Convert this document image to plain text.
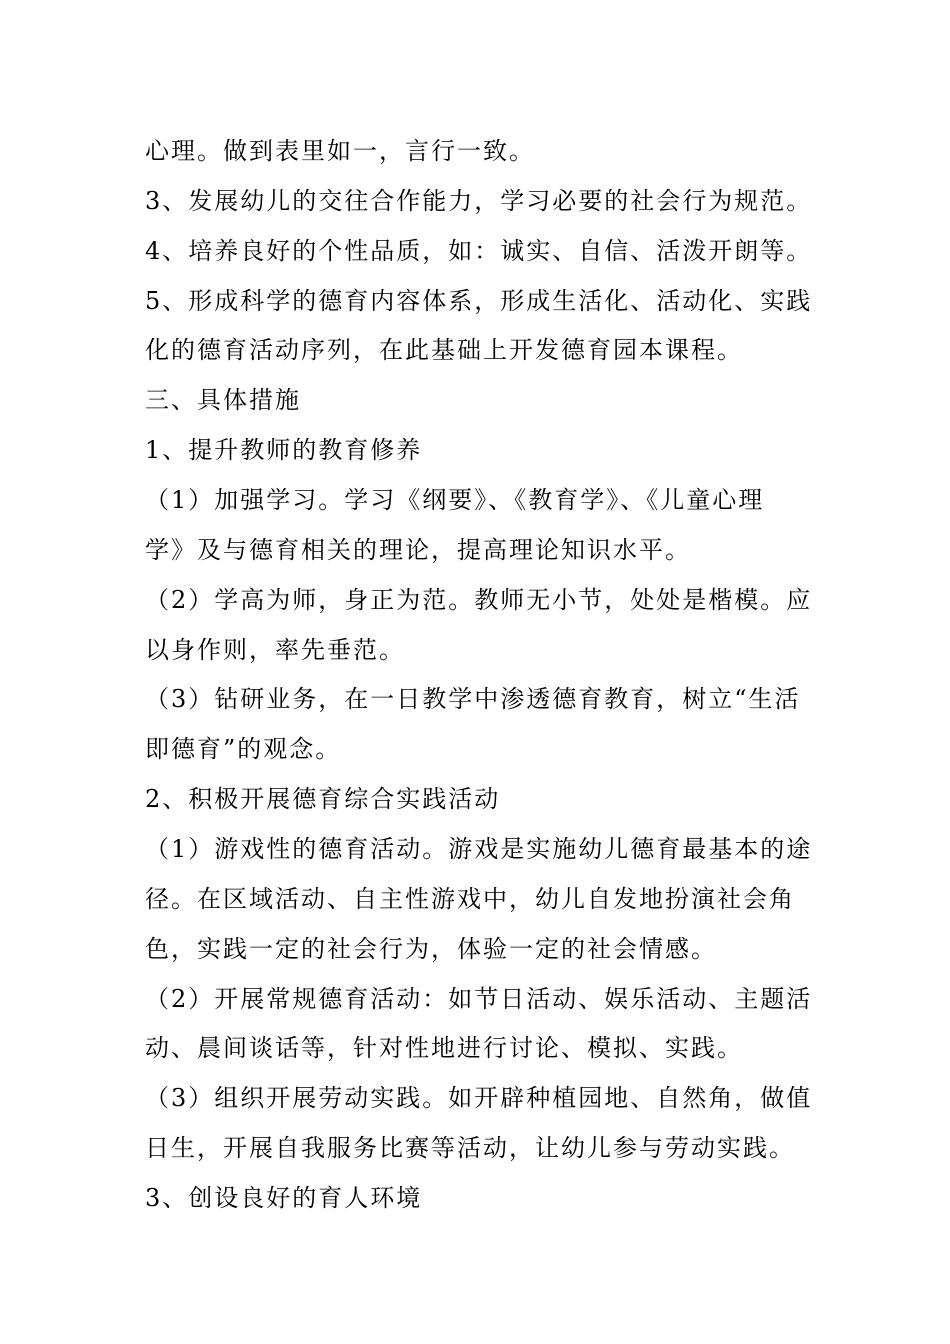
心理。做到表里如一，言行一致。
3、发展幼儿的交往合作能力，学习必要的社会行为规范。
4、培养良好的个性品质，如：诚实、自信、活泼开朗等。
5、形成科学的德育内容体系，形成生活化、活动化、实践
化的德育活动序列，在此基础上开发德育园本课程。
三、具体措施
1、提升教师的教育修养
（1）加强学习。学习《纲要》、《教育学》、《儿童心理
学》及与德育相关的理论，提高理论知识水平。
（2）学高为师，身正为范。教师无小节，处处是楷模。应
以身作则，率先垂范。
（3）钻研业务，在一日教学中渗透德育教育，树立“生活
即德育”的观念。
2、积极开展德育综合实践活动
（1）游戏性的德育活动。游戏是实施幼儿德育最基本的途
径。在区域活动、自主性游戏中，幼儿自发地扮演社会角
色，实践一定的社会行为，体验一定的社会情感。
（2）开展常规德育活动：如节日活动、娱乐活动、主题活
动、晨间谈话等，针对性地进行讨论、模拟、实践。
（3）组织开展劳动实践。如开辟种植园地、自然角，做值
日生，开展自我服务比赛等活动，让幼儿参与劳动实践。
3、创设良好的育人环境
